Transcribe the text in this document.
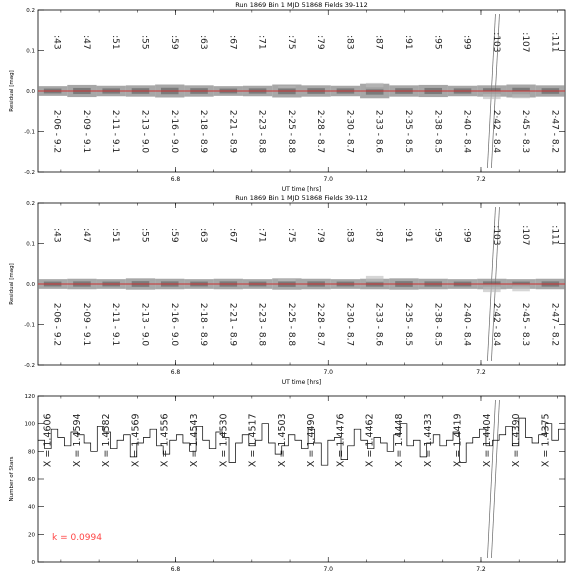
Run 1869 Bin 1 MJD 51868 Fields 39-112
6.8	7.0	7.2
UT time [hrs]
-0.2
-0.1
0.0
0.1
0.2
Residual [mag]
:43
2·06 - 9.2
:47
2·09 - 9.1
:51
2·11 - 9.1
:55
2·13 - 9.0
:59
2·16 - 9.0
:63
2·18 - 8.9
:67
2·21 - 8.9
:71
2·23 - 8.8
:75
2·25 - 8.8
:79
2·28 - 8.7
:83
2·30 - 8.7
:87
2·33 - 8.6
:91
2·35 - 8.5
:95
2·38 - 8.5
:99
2·40 - 8.4
:103
2·42 - 8.4
:107
2·45 - 8.3
:111
2·47 - 8.2
Run 1869 Bin 1 MJD 51868 Fields 39-112
6.8	7.0	7.2
UT time [hrs]
-0.2
-0.1
0.0
0.1
0.2
Residual [mag]
:43
2·06 - 9.2
:47
2·09 - 9.1
:51
2·11 - 9.1
:55
2·13 - 9.0
:59
2·16 - 9.0
:63
2·18 - 8.9
:67
2·21 - 8.9
:71
2·23 - 8.8
:75
2·25 - 8.8
:79
2·28 - 8.7
:83
2·30 - 8.7
:87
2·33 - 8.6
:91
2·35 - 8.5
:95
2·38 - 8.5
:99
2·40 - 8.4
:103
2·42 - 8.4
:107
2·45 - 8.3
:111
2·47 - 8.2
6.8	7.0	7.2
0
20
40
60
80
100
120
Number of Stars
X = 1.4606 X = 1.4594 X = 1.4582 X = 1.4569 X = 1.4556 X = 1.4543 X = 1.4530 X = 1.4517 X = 1.4503 X = 1.4490 X = 1.4476 X = 1.4462 X = 1.4448 X = 1.4433 X = 1.4419 X = 1.4404 X = 1.4390 X = 1.4375
k = 0.0994
